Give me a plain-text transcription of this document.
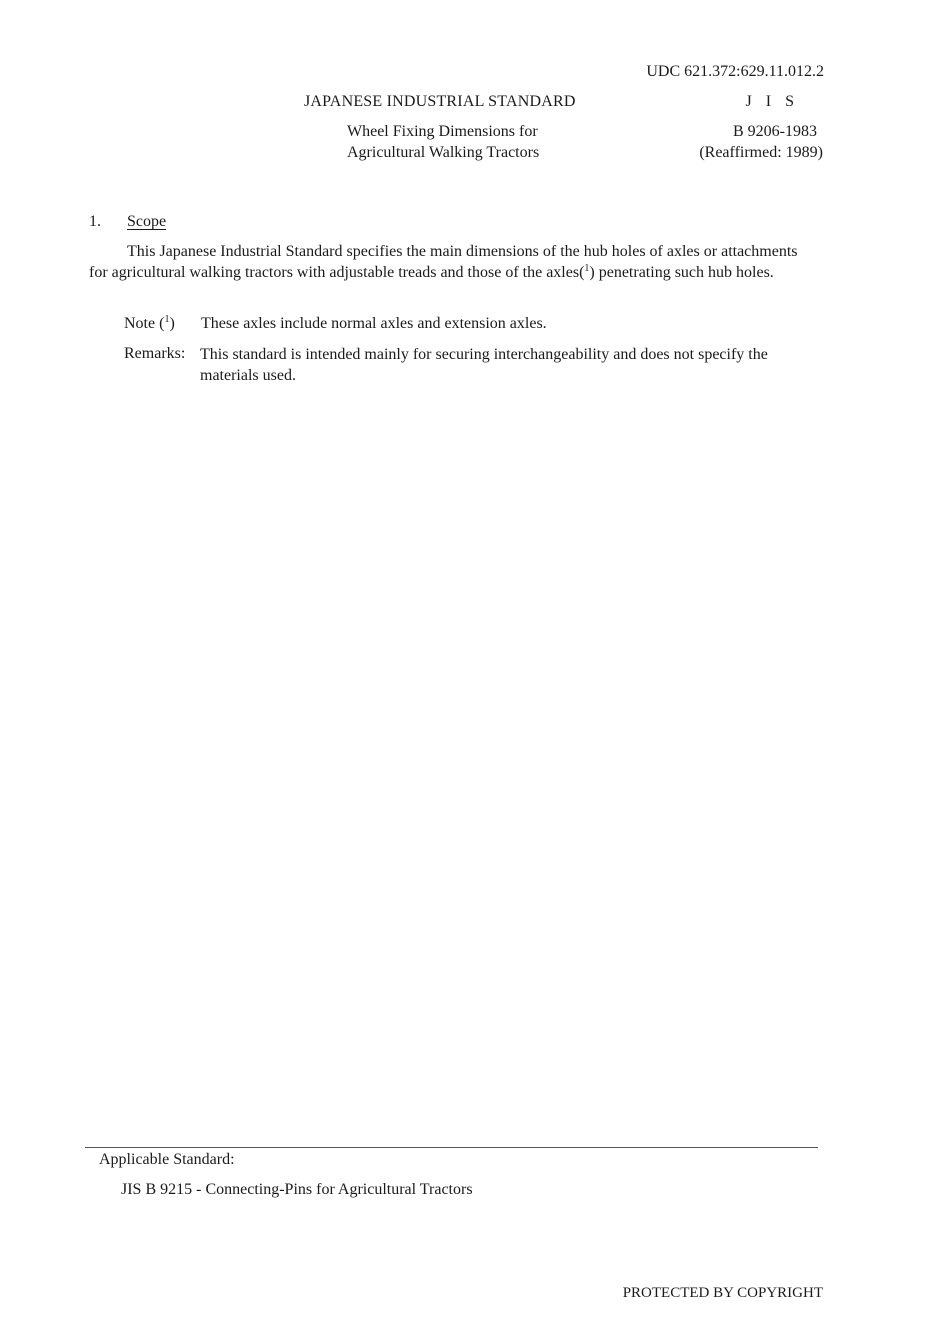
UDC 621.372:629.11.012.2
JAPANESE INDUSTRIAL STANDARD	J I S
Wheel Fixing Dimensions for
Agricultural Walking Tractors
B 9206-1983
(Reaffirmed: 1989)
1. Scope
This Japanese Industrial Standard specifies the main dimensions of the hub holes of axles or attachments for agricultural walking tractors with adjustable treads and those of the axles($^1$) penetrating such hub holes.
Note ($^1$) These axles include normal axles and extension axles.
Remarks: This standard is intended mainly for securing interchangeability and does not specify the materials used.
Applicable Standard:
JIS B 9215 - Connecting-Pins for Agricultural Tractors
PROTECTED BY COPYRIGHT
